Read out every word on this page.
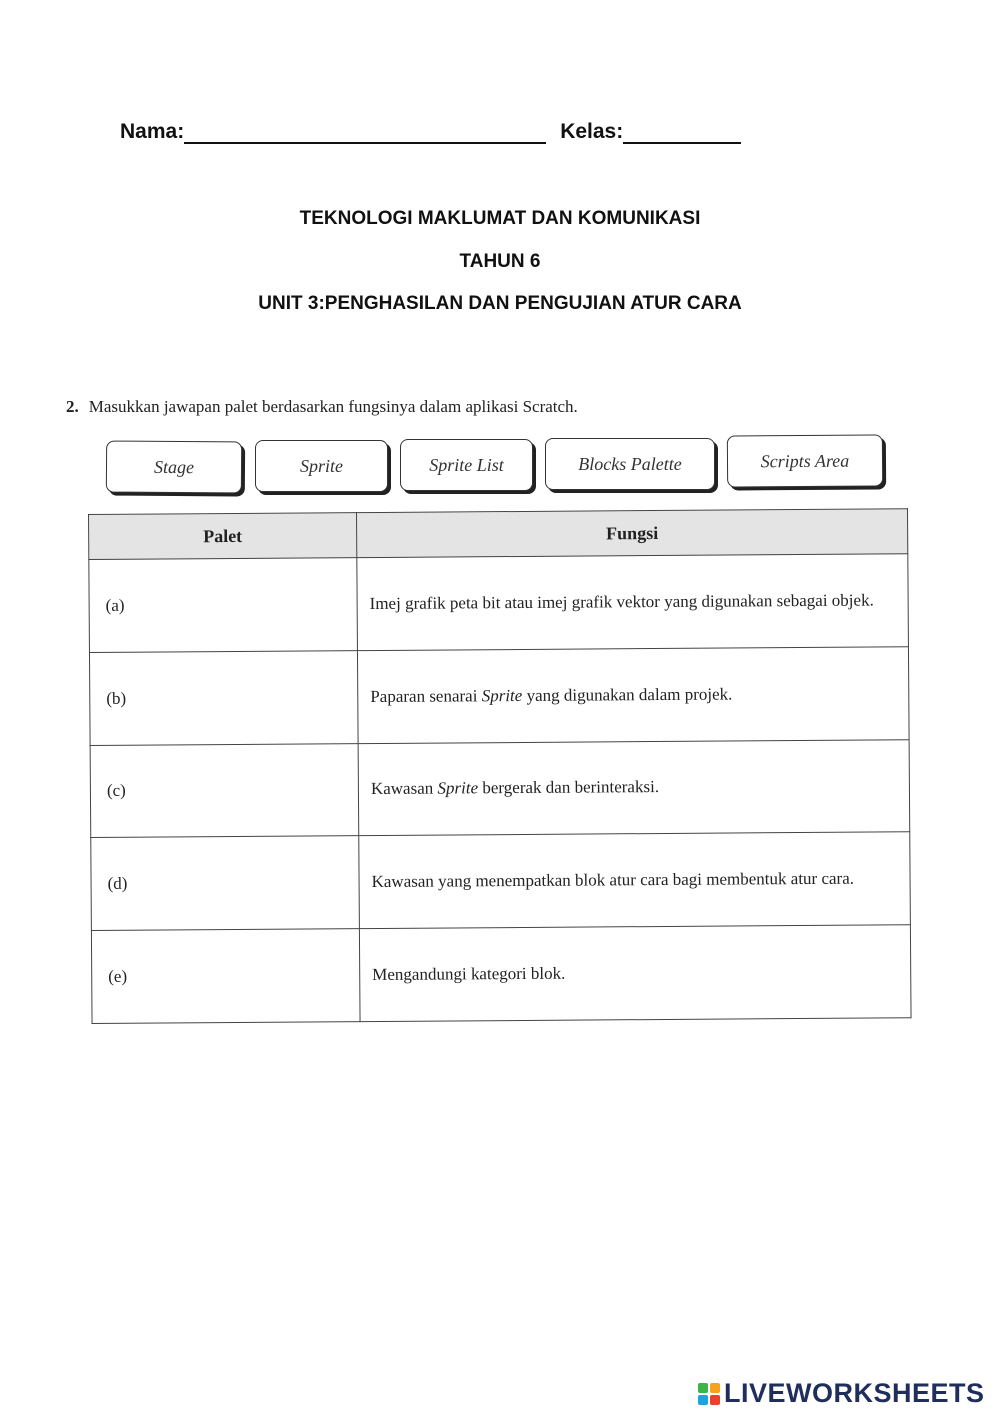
Nama:	Kelas:
TEKNOLOGI MAKLUMAT DAN KOMUNIKASI
TAHUN 6
UNIT 3:PENGHASILAN DAN PENGUJIAN ATUR CARA
2. Masukkan jawapan palet berdasarkan fungsinya dalam aplikasi Scratch.
Stage	Sprite	Sprite List	Blocks Palette	Scripts Area
Palet	Fungsi
(a)	Imej grafik peta bit atau imej grafik vektor yang digunakan sebagai objek.
(b)	Paparan senarai Sprite yang digunakan dalam projek.
(c)	Kawasan Sprite bergerak dan berinteraksi.
(d)	Kawasan yang menempatkan blok atur cara bagi membentuk atur cara.
(e)	Mengandungi kategori blok.
LIVEWORKSHEETS
